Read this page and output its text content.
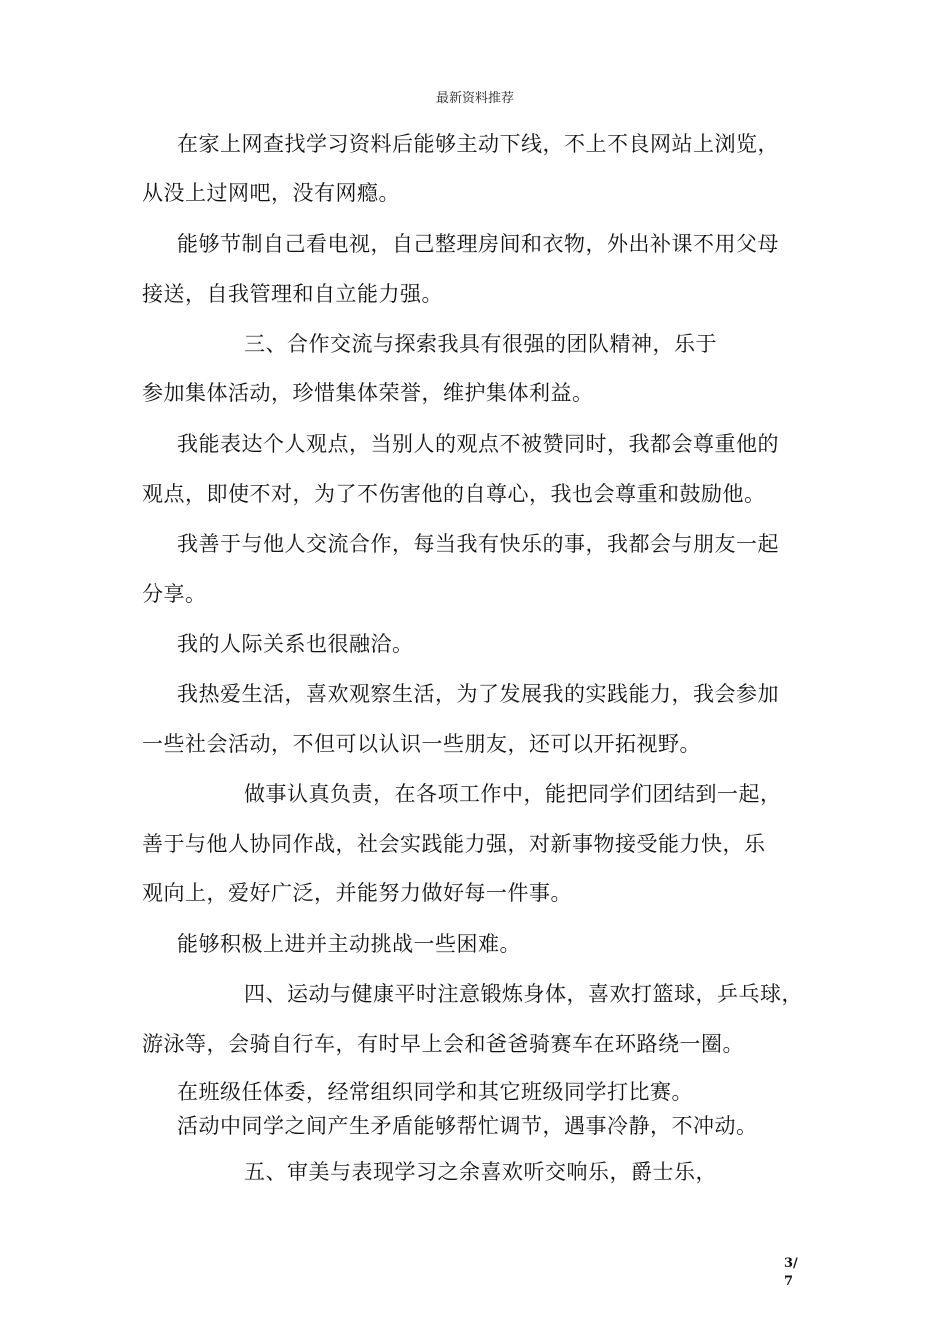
最新资料推荐
在家上网查找学习资料后能够主动下线，不上不良网站上浏览，
从没上过网吧，没有网瘾。
能够节制自己看电视，自己整理房间和衣物，外出补课不用父母
接送，自我管理和自立能力强。
三、合作交流与探索我具有很强的团队精神，乐于
参加集体活动，珍惜集体荣誉，维护集体利益。
我能表达个人观点，当别人的观点不被赞同时，我都会尊重他的
观点，即使不对，为了不伤害他的自尊心，我也会尊重和鼓励他。
我善于与他人交流合作，每当我有快乐的事，我都会与朋友一起
分享。
我的人际关系也很融洽。
我热爱生活，喜欢观察生活，为了发展我的实践能力，我会参加
一些社会活动，不但可以认识一些朋友，还可以开拓视野。
做事认真负责，在各项工作中，能把同学们团结到一起，
善于与他人协同作战，社会实践能力强，对新事物接受能力快，乐
观向上，爱好广泛，并能努力做好每一件事。
能够积极上进并主动挑战一些困难。
四、运动与健康平时注意锻炼身体，喜欢打篮球，乒乓球，
游泳等，会骑自行车，有时早上会和爸爸骑赛车在环路绕一圈。
在班级任体委，经常组织同学和其它班级同学打比赛。
活动中同学之间产生矛盾能够帮忙调节，遇事冷静，不冲动。
五、审美与表现学习之余喜欢听交响乐，爵士乐，
3/
7
